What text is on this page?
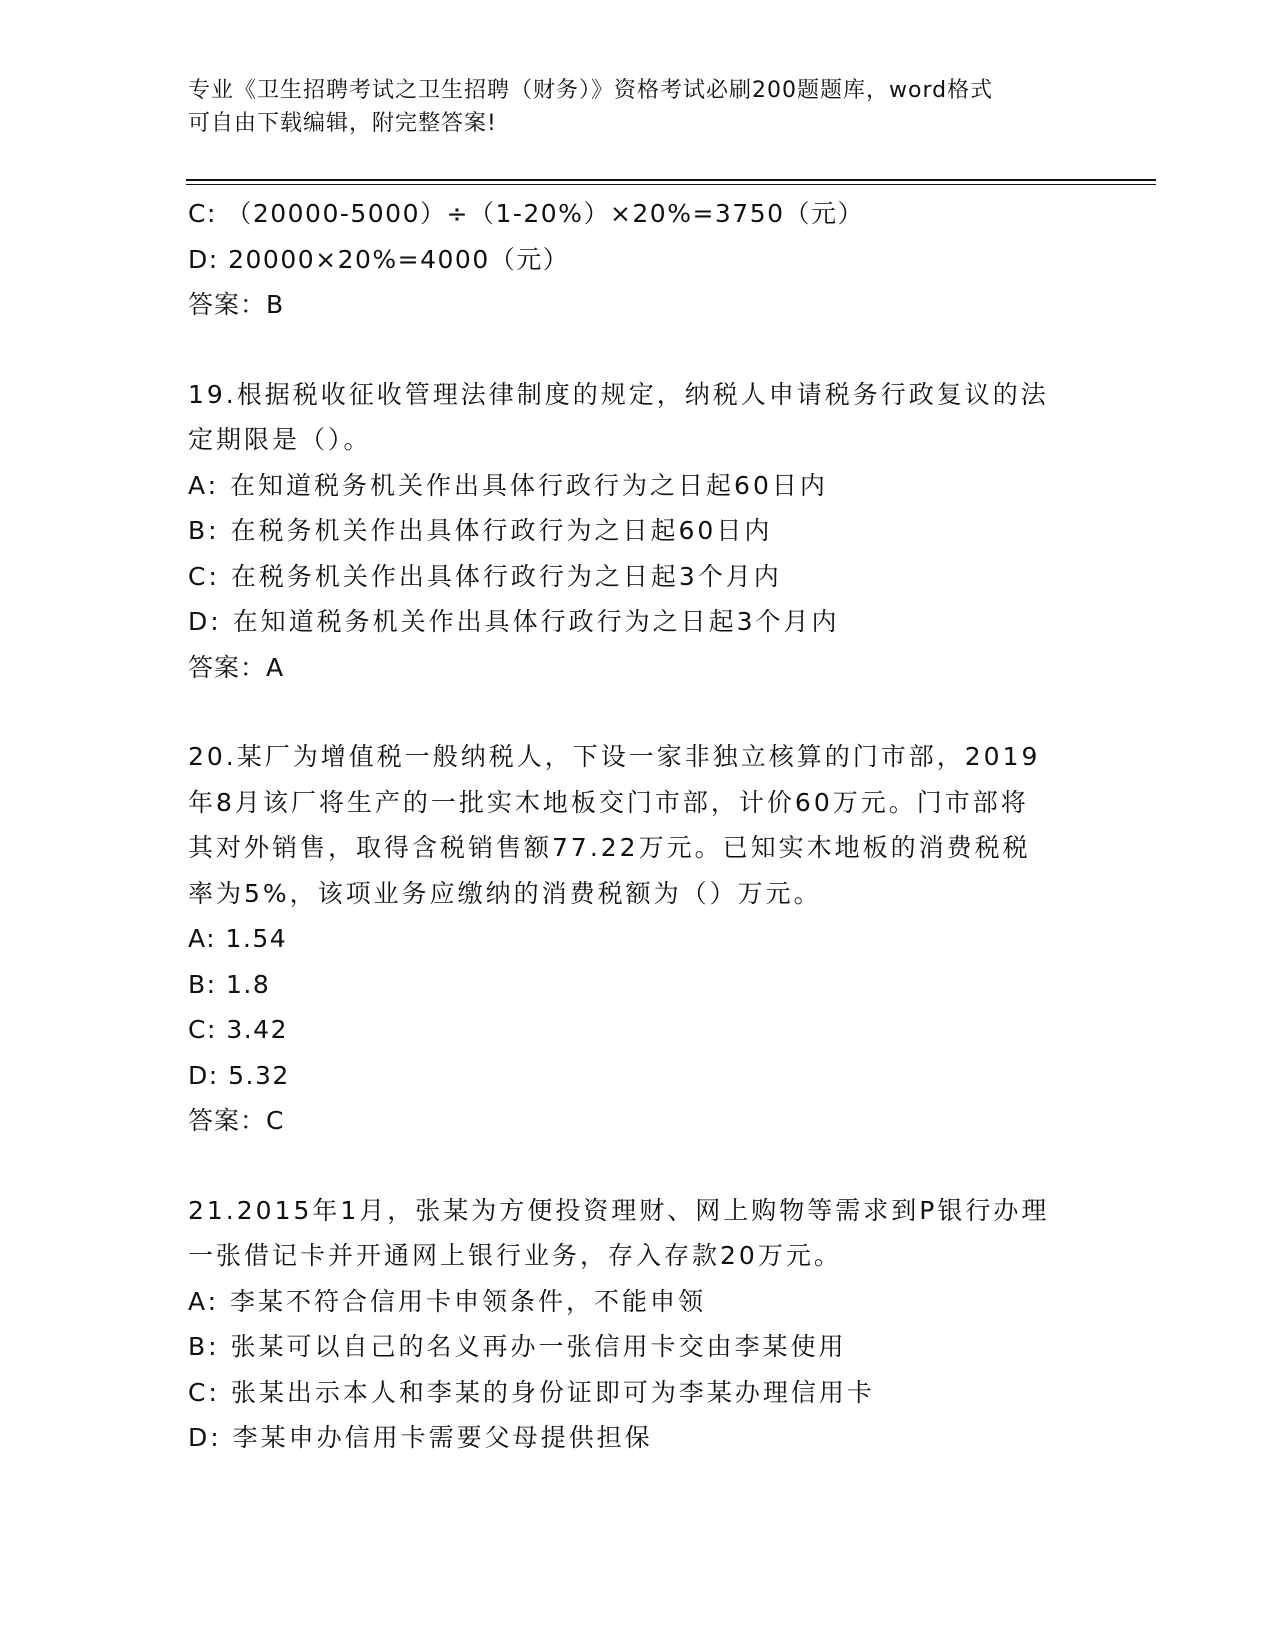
专业《卫生招聘考试之卫生招聘（财务）》资格考试必刷200题题库，word格式
可自由下载编辑，附完整答案!
C: （20000-5000）÷（1-20%）×20%=3750（元）
D: 20000×20%=4000（元）
答案：B
19.根据税收征收管理法律制度的规定，纳税人申请税务行政复议的法
定期限是（）。
A: 在知道税务机关作出具体行政行为之日起60日内
B: 在税务机关作出具体行政行为之日起60日内
C: 在税务机关作出具体行政行为之日起3个月内
D: 在知道税务机关作出具体行政行为之日起3个月内
答案：A
20.某厂为增值税一般纳税人，下设一家非独立核算的门市部，2019
年8月该厂将生产的一批实木地板交门市部，计价60万元。门市部将
其对外销售，取得含税销售额77.22万元。已知实木地板的消费税税
率为5%，该项业务应缴纳的消费税额为（）万元。
A: 1.54
B: 1.8
C: 3.42
D: 5.32
答案：C
21.2015年1月，张某为方便投资理财、网上购物等需求到P银行办理
一张借记卡并开通网上银行业务，存入存款20万元。
A: 李某不符合信用卡申领条件，不能申领
B: 张某可以自己的名义再办一张信用卡交由李某使用
C: 张某出示本人和李某的身份证即可为李某办理信用卡
D: 李某申办信用卡需要父母提供担保
